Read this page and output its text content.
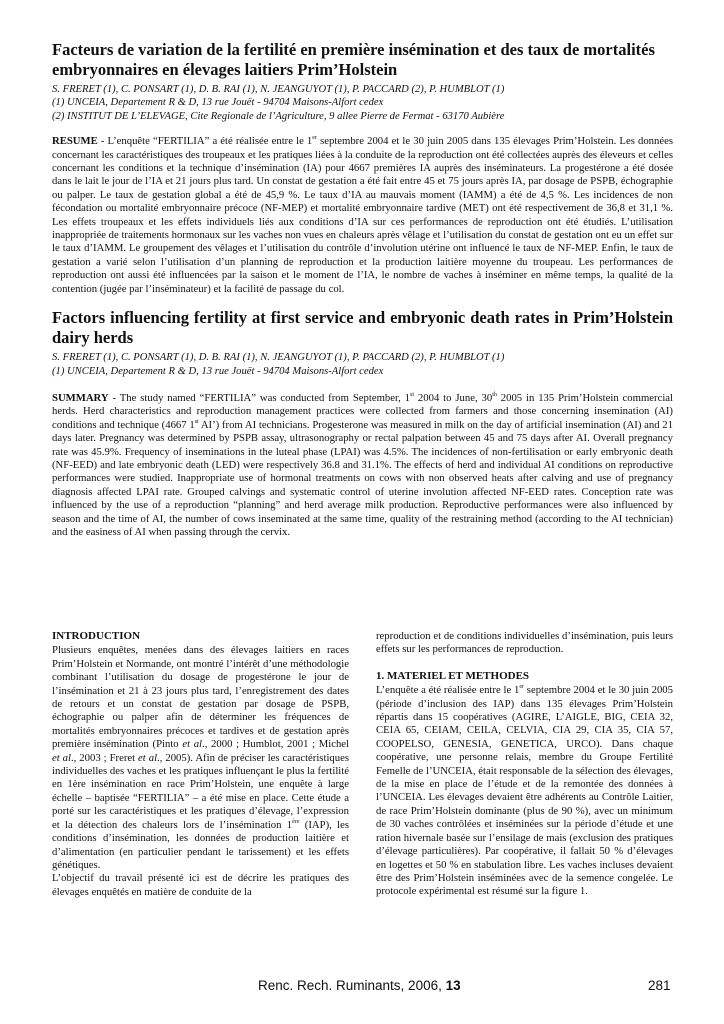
Facteurs de variation de la fertilité en première insémination et des taux de mortalités embryonnaires en élevages laitiers Prim’Holstein

S. FRERET (1), C. PONSART (1), D. B. RAI (1), N. JEANGUYOT (1), P. PACCARD (2), P. HUMBLOT (1)

(1) UNCEIA, Departement R & D, 13 rue Jouët - 94704 Maisons-Alfort cedex

(2) INSTITUT DE L’ELEVAGE, Cite Regionale de l’Agriculture, 9 allee Pierre de Fermat - 63170 Aubière

RESUME - L’enquête “FERTILIA” a été réalisée entre le 1er septembre 2004 et le 30 juin 2005 dans 135 élevages Prim’Holstein. Les données concernant les caractéristiques des troupeaux et les pratiques liées à la conduite de la reproduction ont été collectées auprès des éleveurs et celles concernant les conditions et la technique d’insémination (IA) pour 4667 premières IA auprès des inséminateurs. La progestérone a été dosée dans le lait le jour de l’IA et 21 jours plus tard. Un constat de gestation a été fait entre 45 et 75 jours après IA, par dosage de PSPB, échographie ou palper. Le taux de gestation global a été de 45,9 %. Le taux d’IA au mauvais moment (IAMM) a été de 4,5 %. Les incidences de non fécondation ou mortalité embryonnaire précoce (NF-MEP) et mortalité embryonnaire tardive (MET) ont été respectivement de 36,8 et 31,1 %. Les effets troupeaux et les effets individuels liés aux conditions d’IA sur ces performances de reproduction ont été étudiés. L’utilisation inappropriée de traitements hormonaux sur les vaches non vues en chaleurs après vêlage et l’utilisation du constat de gestation ont eu un effet sur le taux d’IAMM. Le groupement des vêlages et l’utilisation du contrôle d’involution utérine ont influencé le taux de NF-MEP. Enfin, le taux de gestation a varié selon l’utilisation d’un planning de reproduction et la production laitière moyenne du troupeau. Les performances de reproduction ont aussi été influencées par la saison et le moment de l’IA, le nombre de vaches à inséminer en même temps, la qualité de la contention (jugée par l’inséminateur) et la facilité de passage du col.

Factors influencing fertility at first service and embryonic death rates in Prim’Holstein dairy herds

S. FRERET (1), C. PONSART (1), D. B. RAI (1), N. JEANGUYOT (1), P. PACCARD (2), P. HUMBLOT (1)

(1) UNCEIA, Departement R & D, 13 rue Jouët - 94704 Maisons-Alfort cedex

SUMMARY - The study named “FERTILIA” was conducted from September, 1st 2004 to June, 30th 2005 in 135 Prim’Holstein commercial herds. Herd characteristics and reproduction management practices were collected from farmers and those concerning insemination (AI) conditions and technique (4667 1st AI’) from AI technicians. Progesterone was measured in milk on the day of artificial insemination (AI) and 21 days later. Pregnancy was determined by PSPB assay, ultrasonography or rectal palpation between 45 and 75 days after AI. Overall pregnancy rate was 45.9%. Frequency of inseminations in the luteal phase (LPAI) was 4.5%. The incidences of non-fertilisation or early embryonic death (NF-EED) and late embryonic death (LED) were respectively 36.8 and 31.1%. The effects of herd and individual AI conditions on reproductive performances were studied. Inappropriate use of hormonal treatments on cows with non observed heats after calving and use of pregnancy diagnosis affected LPAI rate. Grouped calvings and systematic control of uterine involution affected NF-EED rates. Conception rate was influenced by the use of a reproduction “planning” and herd average milk production. Reproductive performances were also influenced by season and the time of AI, the number of cows inseminated at the same time, quality of the restraining method (according to the AI technician) and the easiness of AI when passing through the cervix.

INTRODUCTION

Plusieurs enquêtes, menées dans des élevages laitiers en races Prim’Holstein et Normande, ont montré l’intérêt d’une méthodologie combinant l’utilisation du dosage de progestérone le jour de l’insémination et 21 à 23 jours plus tard, l’enregistrement des dates de retours et un constat de gestation par dosage de PSPB, échographie ou palper afin de déterminer les fréquences de mortalités embryonnaires précoces et tardives et de gestation après première insémination (Pinto et al., 2000 ; Humblot, 2001 ; Michel et al., 2003 ; Freret et al., 2005). Afin de préciser les caractéristiques individuelles des vaches et les pratiques influençant le plus la fertilité en 1ère insémination en race Prim’Holstein, une enquête à large échelle – baptisée “FERTILIA” – a été mise en place. Cette étude a porté sur les caractéristiques et les pratiques d’élevage, l’expression et la détection des chaleurs lors de l’insémination 1ère (IAP), les conditions d’insémination, les données de production laitière et d’alimentation (en particulier pendant le tarissement) et les effets génétiques.

L’objectif du travail présenté ici est de décrire les pratiques des élevages enquêtés en matière de conduite de la

reproduction et de conditions individuelles d’insémination, puis leurs effets sur les performances de reproduction.

1. MATERIEL ET METHODES

L’enquête a été réalisée entre le 1er septembre 2004 et le 30 juin 2005 (période d’inclusion des IAP) dans 135 élevages Prim’Holstein répartis dans 15 coopératives (AGIRE, L’AIGLE, BIG, CEIA 32, CEIA 65, CEIAM, CEILA, CELVIA, CIA 29, CIA 35, CIA 57, COOPELSO, GENESIA, GENETICA, URCO). Dans chaque coopérative, une personne relais, membre du Groupe Fertilité Femelle de l’UNCEIA, était responsable de la sélection des élevages, de la mise en place de l’étude et de la remontée des données à l’UNCEIA. Les élevages devaient être adhérents au Contrôle Laitier, de race Prim’Holstein dominante (plus de 90 %), avec un minimum de 30 vaches contrôlées et inséminées sur la période d’étude et une ration hivernale basée sur l’ensilage de mais (exclusion des pratiques d’élevage particulières). Par coopérative, il fallait 50 % d’élevages en logettes et 50 % en stabulation libre. Les vaches incluses devaient être des Prim’Holstein inséminées avec de la semence congelée. Le protocole expérimental est résumé sur la figure 1.

Renc. Rech. Ruminants, 2006, 13	281
